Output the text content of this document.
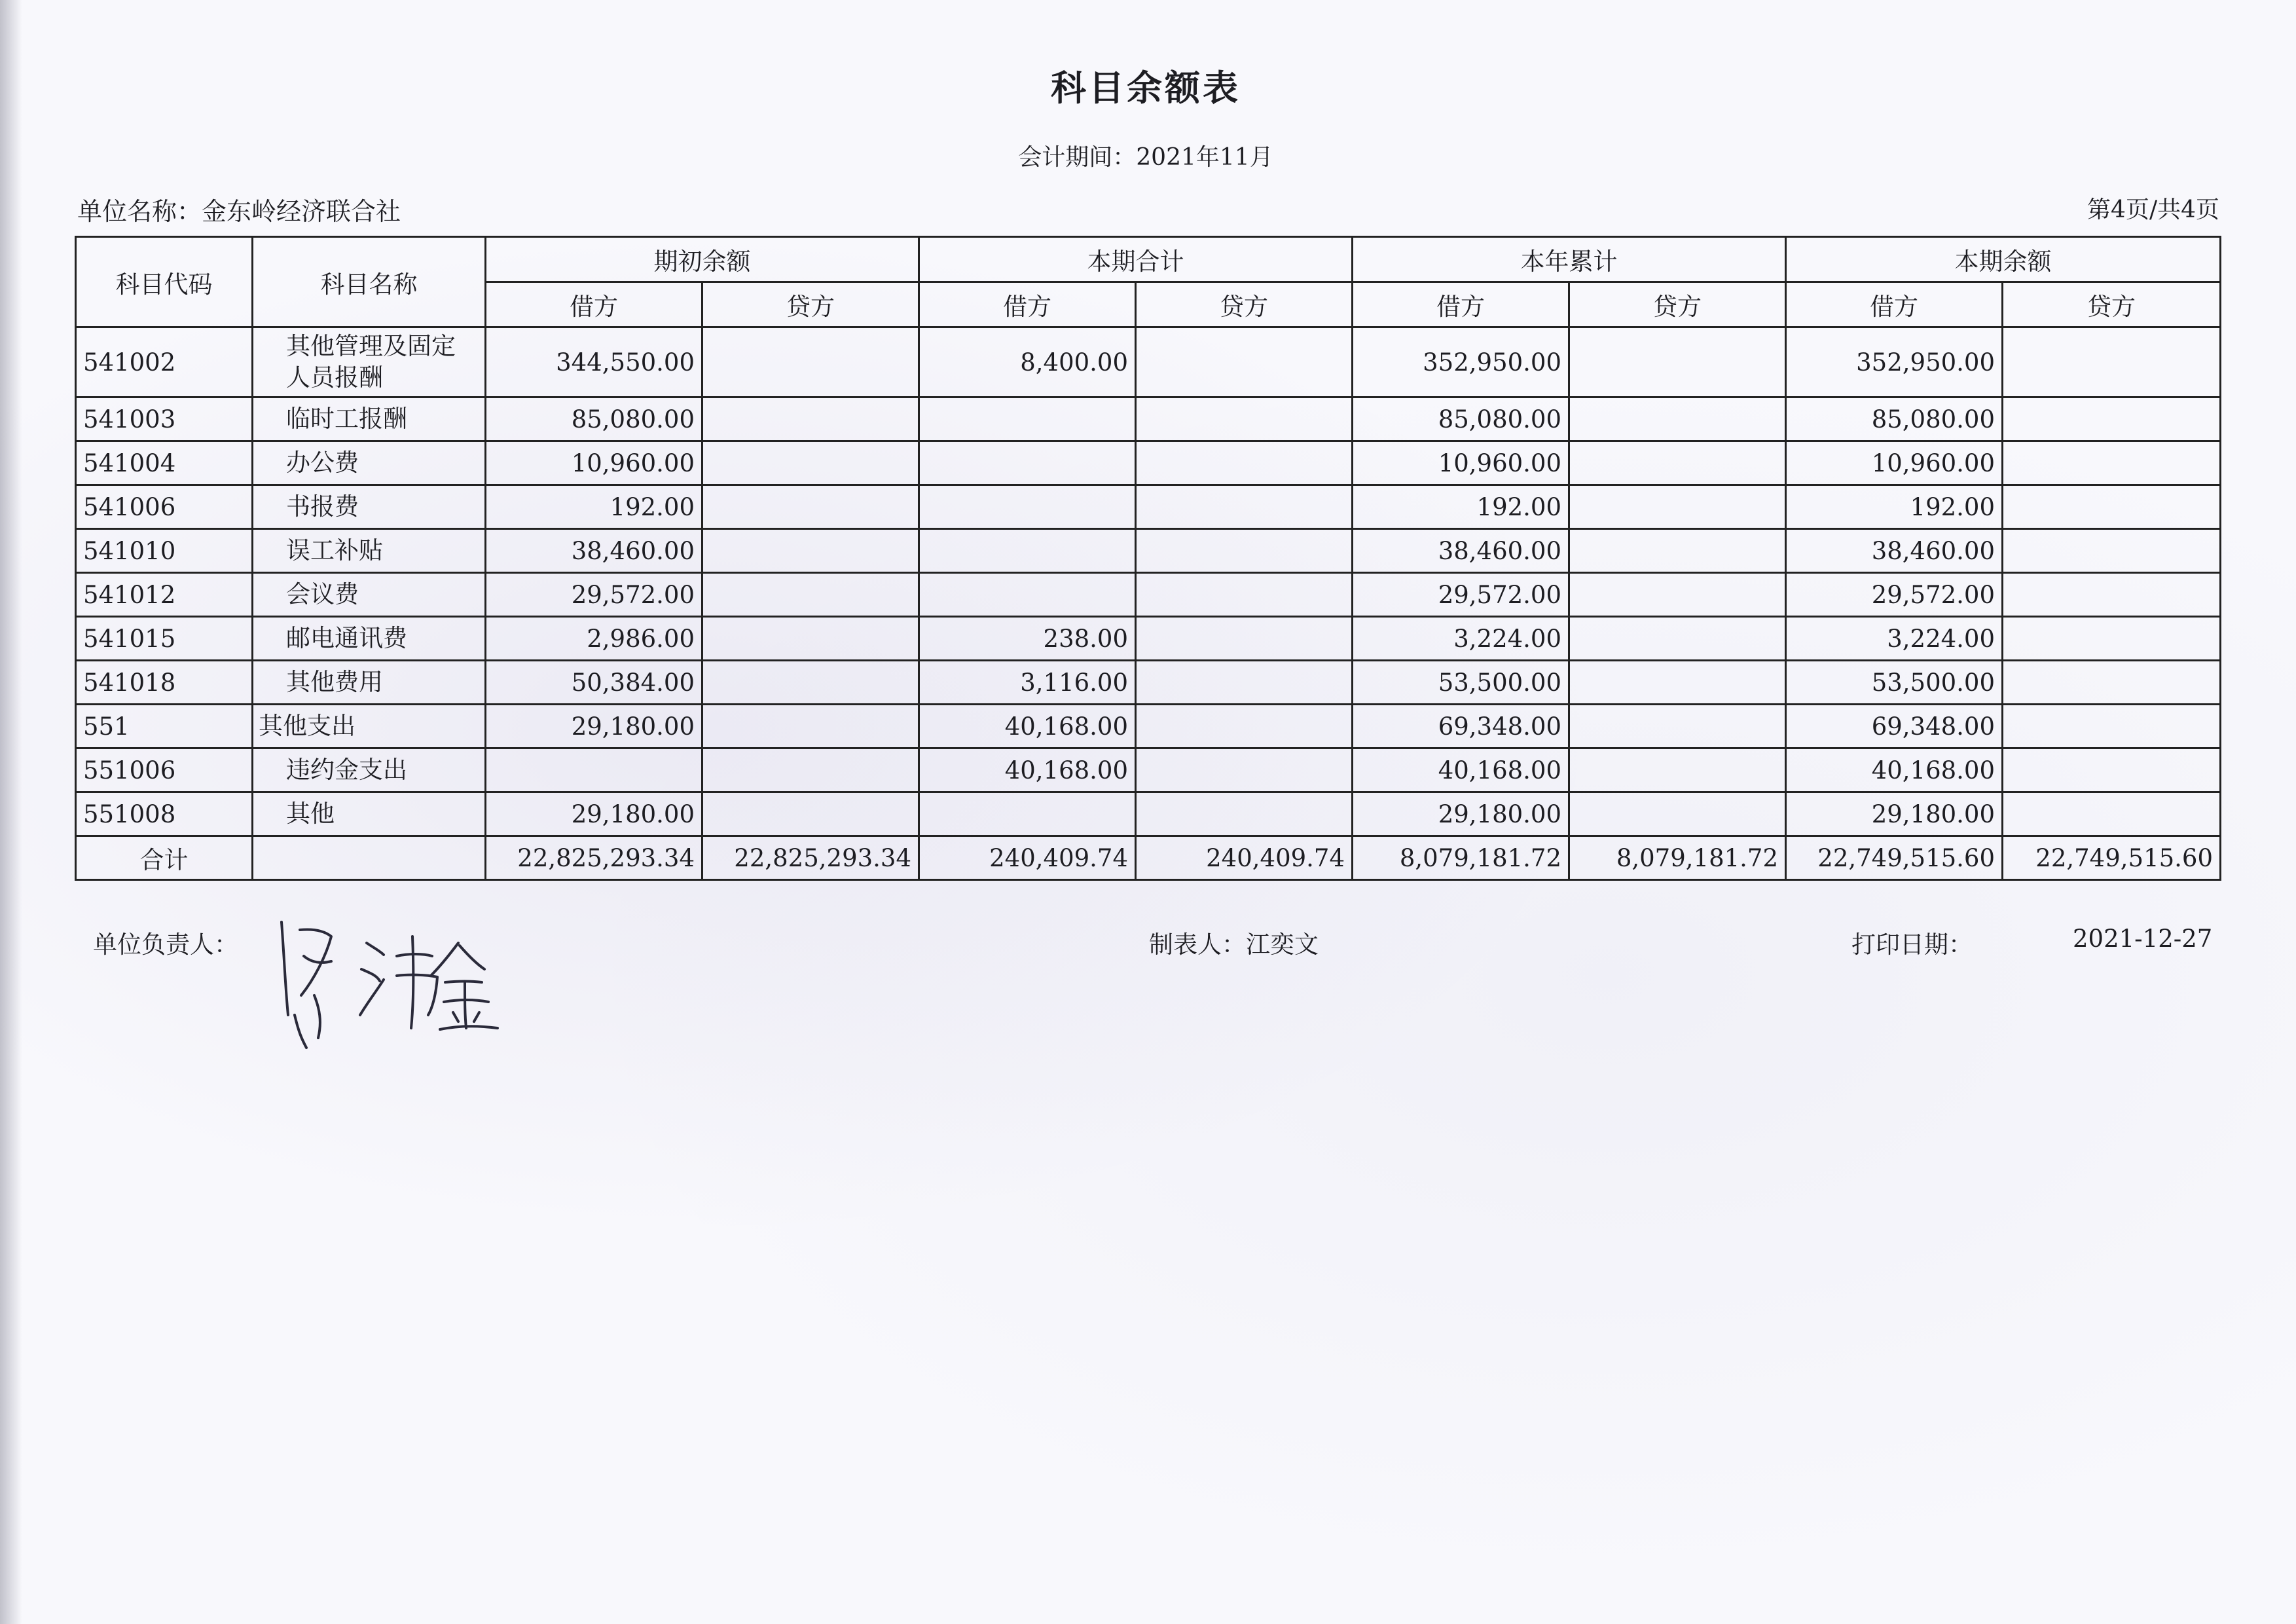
科目余额表
会计期间：2021年11月
单位名称：金东岭经济联合社	第4页/共4页
科目代码	科目名称	期初余额		本期合计		本年累计		本期余额	
		借方	贷方	借方	贷方	借方	贷方	借方	贷方
541002	其他管理及固定人员报酬	344,550.00		8,400.00		352,950.00		352,950.00	
541003	临时工报酬	85,080.00				85,080.00		85,080.00	
541004	办公费	10,960.00				10,960.00		10,960.00	
541006	书报费	192.00				192.00		192.00	
541010	误工补贴	38,460.00				38,460.00		38,460.00	
541012	会议费	29,572.00				29,572.00		29,572.00	
541015	邮电通讯费	2,986.00		238.00		3,224.00		3,224.00	
541018	其他费用	50,384.00		3,116.00		53,500.00		53,500.00	
551	其他支出	29,180.00		40,168.00		69,348.00		69,348.00	
551006	违约金支出			40,168.00		40,168.00		40,168.00	
551008	其他	29,180.00				29,180.00		29,180.00	
合计		22,825,293.34	22,825,293.34	240,409.74	240,409.74	8,079,181.72	8,079,181.72	22,749,515.60	22,749,515.60
单位负责人：	制表人：江奕文	打印日期：	2021-12-27
